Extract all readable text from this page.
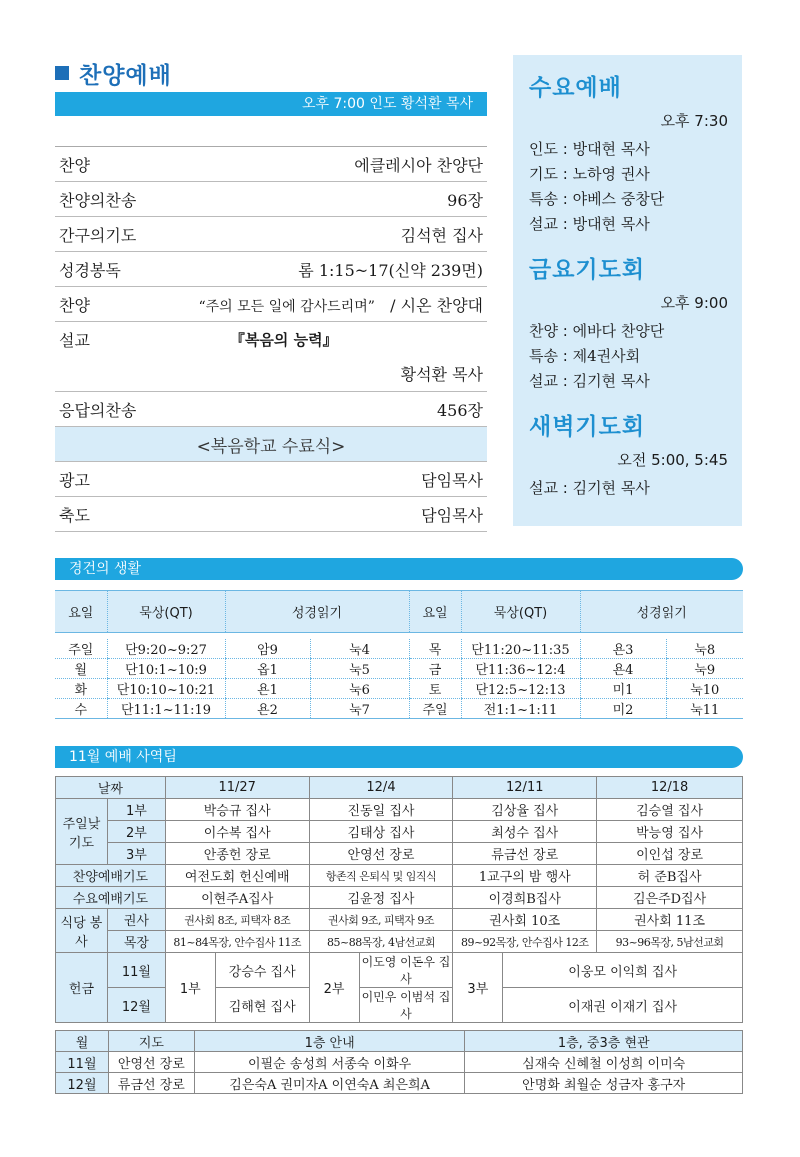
찬양예배
오후 7:00 인도 황석환 목사
찬양	에클레시아 찬양단
찬양의찬송	96장
간구의기도	김석현 집사
성경봉독	롬 1:15~17(신약 239면)
찬양	“주의 모든 일에 감사드리며” / 시온 찬양대
설교	『복음의 능력』
황석환 목사
응답의찬송	456장
<복음학교 수료식>
광고	담임목사
축도	담임목사
수요예배
오후 7:30
인도 : 방대현 목사
기도 : 노하영 권사
특송 : 야베스 중창단
설교 : 방대현 목사
금요기도회
오후 9:00
찬양 : 에바다 찬양단
특송 : 제4권사회
설교 : 김기현 목사
새벽기도회
오전 5:00, 5:45
설교 : 김기현 목사
경건의 생활
요일	묵상(QT)	성경읽기		요일	묵상(QT)	성경읽기	

주일	단9:20~9:27	암9	눅4	목	단11:20~11:35	욘3	눅8
월	단10:1~10:9	옵1	눅5	금	단11:36~12:4	욘4	눅9
화	단10:10~10:21	욘1	눅6	토	단12:5~12:13	미1	눅10
수	단11:1~11:19	욘2	눅7	주일	전1:1~1:11	미2	눅11
11월 예배 사역팀
날짜		11/27		12/4		12/11		12/18
주일낮 기도	1부	박승규 집사		진동일 집사		김상율 집사		김승열 집사
	2부	이수복 집사		김태상 집사		최성수 집사		박능영 집사
	3부	안종헌 장로		안영선 장로		류금선 장로		이인섭 장로
찬양예배기도		여전도회 헌신예배		항존직 은퇴식 및 임직식		1교구의 밤 행사		허 준B집사
수요예배기도		이현주A집사		김윤정 집사		이경희B집사		김은주D집사
식당 봉사	권사	권사회 8조, 피택자 8조		권사회 9조, 피택자 9조		권사회 10조		권사회 11조
	목장	81~84목장, 안수집사 11조		85~88목장, 4남선교회		89~92목장, 안수집사 12조		93~96목장, 5남선교회
헌금	11월	1부	강승수 집사	2부	이도영 이돈우 집사	3부	이웅모 이익희 집사	
	12월		김해현 집사		이민우 이범석 집사		이재권 이재기 집사	
월	지도	1층 안내	1층, 중3층 현관
11월	안영선 장로	이필순 송성희 서종숙 이화우	심재숙 신혜철 이성희 이미숙
12월	류금선 장로	김은숙A 권미자A 이연숙A 최은희A	안명화 최월순 성금자 홍구자
